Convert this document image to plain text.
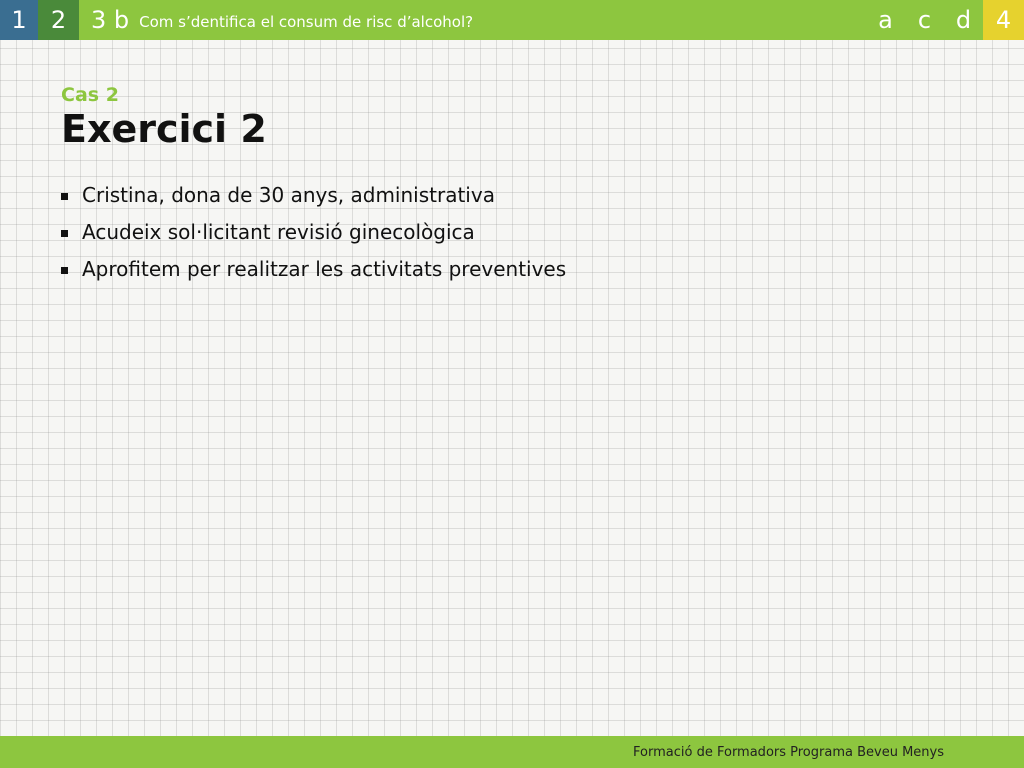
1	2	3 b Com s’dentifica el consum de risc d’alcohol?	a	c	d	4
Cas 2
Exercici 2
Cristina, dona de 30 anys, administrativa
Acudeix sol·licitant revisió ginecològica
Aprofitem per realitzar les activitats preventives
Formació de Formadors Programa Beveu Menys
